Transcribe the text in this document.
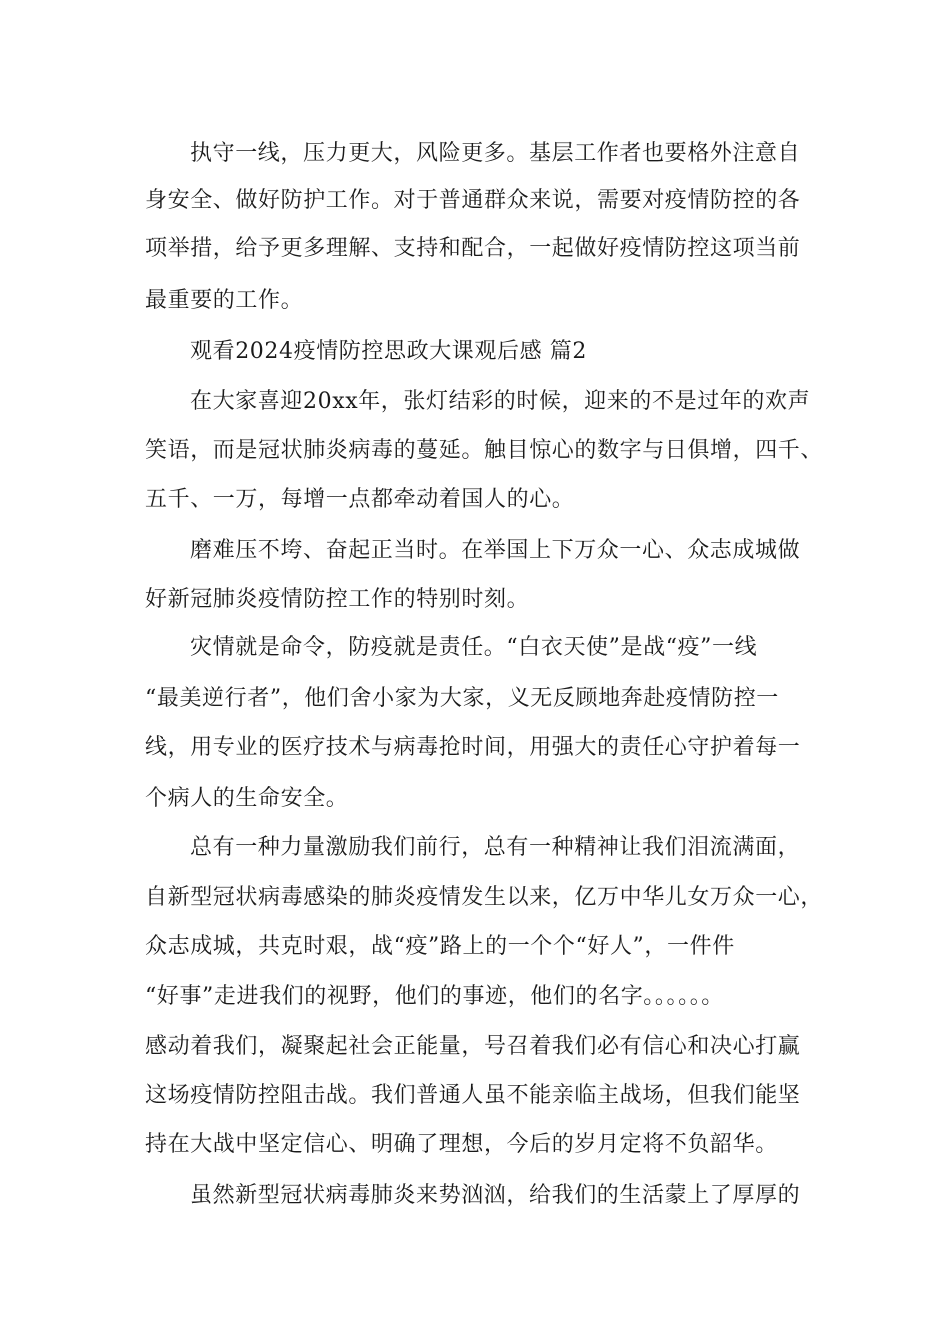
执守一线，压力更大，风险更多。基层工作者也要格外注意自
身安全、做好防护工作。对于普通群众来说，需要对疫情防控的各
项举措，给予更多理解、支持和配合，一起做好疫情防控这项当前
最重要的工作。
观看2024疫情防控思政大课观后感 篇2
在大家喜迎20xx年，张灯结彩的时候，迎来的不是过年的欢声
笑语，而是冠状肺炎病毒的蔓延。触目惊心的数字与日俱增，四千、
五千、一万，每增一点都牵动着国人的心。
磨难压不垮、奋起正当时。在举国上下万众一心、众志成城做
好新冠肺炎疫情防控工作的特别时刻。
灾情就是命令，防疫就是责任。“白衣天使”是战“疫”一线
“最美逆行者”，他们舍小家为大家，义无反顾地奔赴疫情防控一
线，用专业的医疗技术与病毒抢时间，用强大的责任心守护着每一
个病人的生命安全。
总有一种力量激励我们前行，总有一种精神让我们泪流满面，
自新型冠状病毒感染的肺炎疫情发生以来，亿万中华儿女万众一心，
众志成城，共克时艰，战“疫”路上的一个个“好人”，一件件
“好事”走进我们的视野，他们的事迹，他们的名字。。。。。。
感动着我们，凝聚起社会正能量，号召着我们必有信心和决心打赢
这场疫情防控阻击战。我们普通人虽不能亲临主战场，但我们能坚
持在大战中坚定信心、明确了理想，今后的岁月定将不负韶华。
虽然新型冠状病毒肺炎来势汹汹，给我们的生活蒙上了厚厚的
